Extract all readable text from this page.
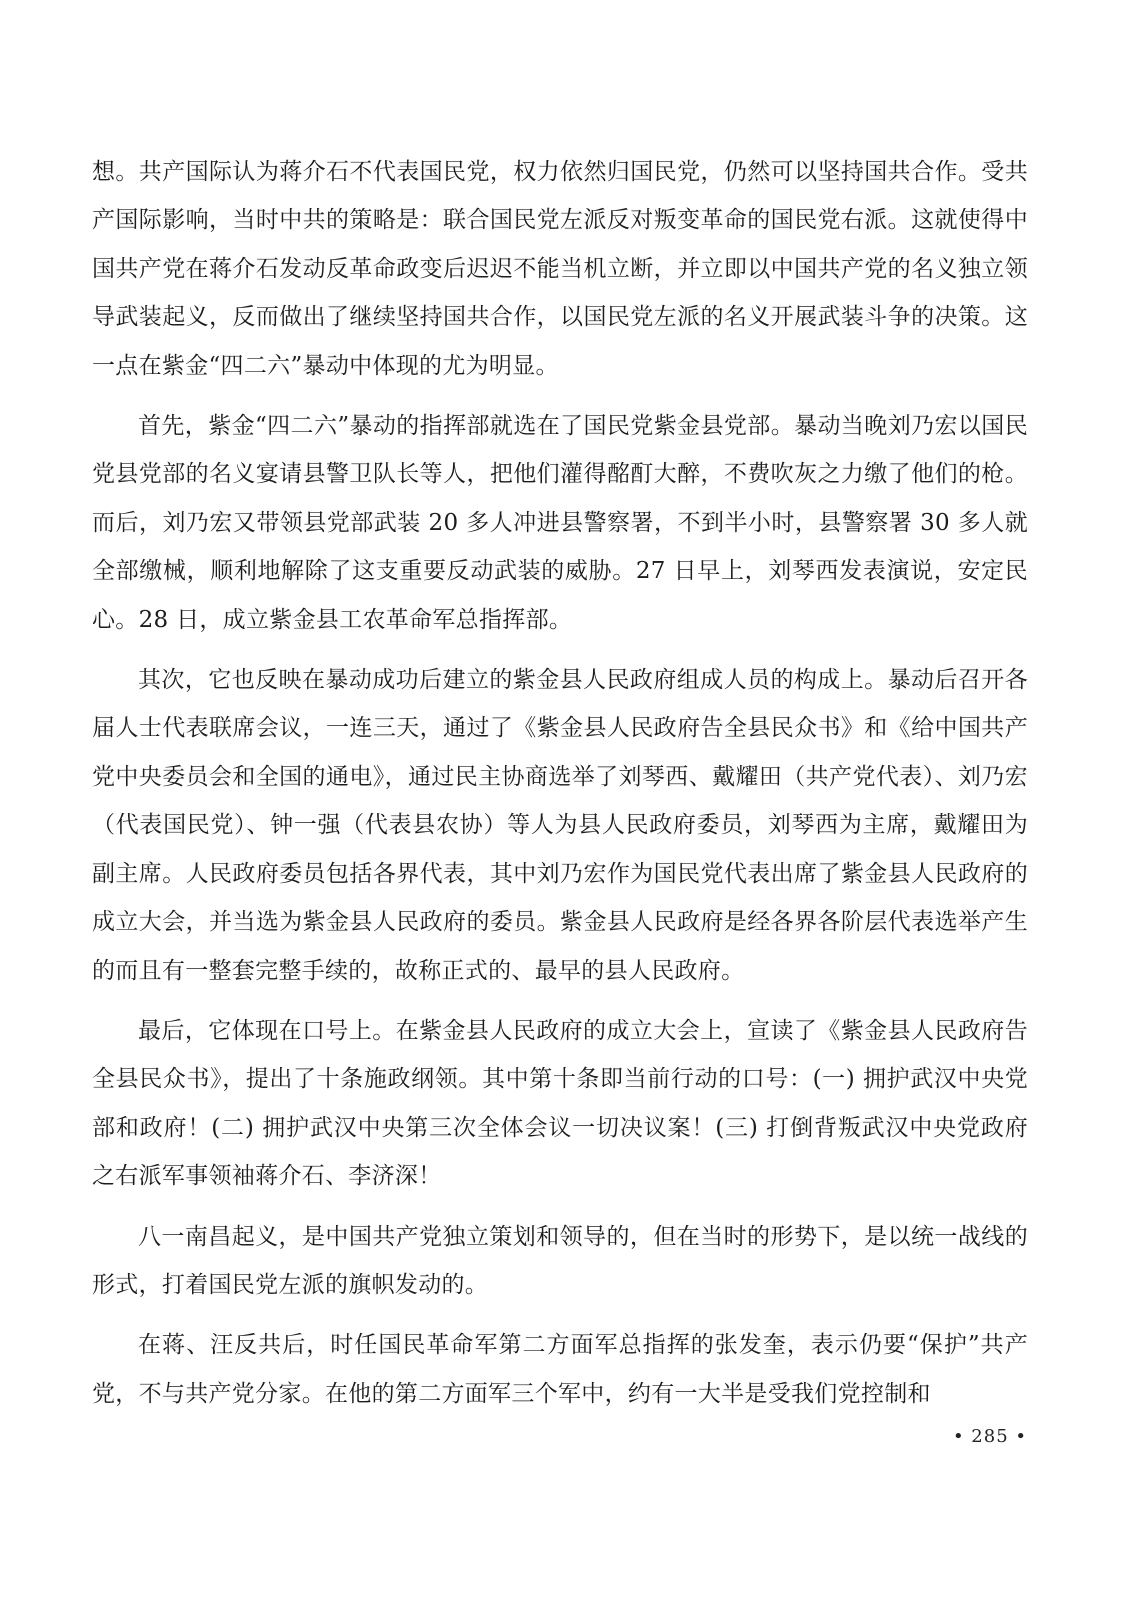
想。共产国际认为蒋介石不代表国民党，权力依然归国民党，仍然可以坚持国共合作。受共产国际影响，当时中共的策略是：联合国民党左派反对叛变革命的国民党右派。这就使得中国共产党在蒋介石发动反革命政变后迟迟不能当机立断，并立即以中国共产党的名义独立领导武装起义，反而做出了继续坚持国共合作，以国民党左派的名义开展武装斗争的决策。这一点在紫金“四二六”暴动中体现的尤为明显。

首先，紫金“四二六”暴动的指挥部就选在了国民党紫金县党部。暴动当晚刘乃宏以国民党县党部的名义宴请县警卫队长等人，把他们灌得酩酊大醉，不费吹灰之力缴了他们的枪。而后，刘乃宏又带领县党部武装 20 多人冲进县警察署，不到半小时，县警察署 30 多人就全部缴械，顺利地解除了这支重要反动武装的威胁。27 日早上，刘琴西发表演说，安定民心。28 日，成立紫金县工农革命军总指挥部。

其次，它也反映在暴动成功后建立的紫金县人民政府组成人员的构成上。暴动后召开各届人士代表联席会议，一连三天，通过了《紫金县人民政府告全县民众书》和《给中国共产党中央委员会和全国的通电》，通过民主协商选举了刘琴西、戴耀田（共产党代表）、刘乃宏（代表国民党）、钟一强（代表县农协）等人为县人民政府委员，刘琴西为主席，戴耀田为副主席。人民政府委员包括各界代表，其中刘乃宏作为国民党代表出席了紫金县人民政府的成立大会，并当选为紫金县人民政府的委员。紫金县人民政府是经各界各阶层代表选举产生的而且有一整套完整手续的，故称正式的、最早的县人民政府。

最后，它体现在口号上。在紫金县人民政府的成立大会上，宣读了《紫金县人民政府告全县民众书》，提出了十条施政纲领。其中第十条即当前行动的口号：(一) 拥护武汉中央党部和政府！(二) 拥护武汉中央第三次全体会议一切决议案！(三) 打倒背叛武汉中央党政府之右派军事领袖蒋介石、李济深！

八一南昌起义，是中国共产党独立策划和领导的，但在当时的形势下，是以统一战线的形式，打着国民党左派的旗帜发动的。

在蒋、汪反共后，时任国民革命军第二方面军总指挥的张发奎，表示仍要“保护”共产党，不与共产党分家。在他的第二方面军三个军中，约有一大半是受我们党控制和

• 285 •
